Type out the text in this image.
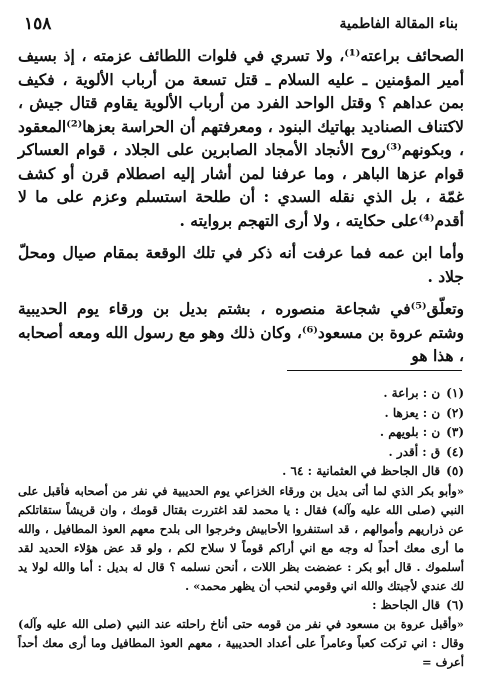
بناء المقالة الفاطمية
١٥٨

الصحائف براعته⁽¹⁾، ولا تسري في فلوات اللطائف عزمته ، إذ بسيف أمير المؤمنين ـ عليه السلام ـ قتل تسعة من أرباب الألوية ، فكيف بمن عداهم ؟ وقتل الواحد الفرد من أرباب الألوية يقاوم قتال جيش ، لاكتناف الصناديد بهاتيك البنود ، ومعرفتهم أن الحراسة بعزها⁽²⁾المعقود ، وبكونهم⁽³⁾روح الأنجاد الأمجاد الصابرين على الجلاد ، قوام العساكر قوام عزها الباهر ، وما عرفنا لمن أشار إليه اصطلام قرن أو كشف غمّة ، بل الذي نقله السدي : أن طلحة استسلم وعزم على ما لا أقدم⁽⁴⁾على حكايته ، ولا أرى التهجم بروايته .

وأما ابن عمه فما عرفت أنه ذكر في تلك الوقعة بمقام صيال ومحلّ جلاد .

وتعلّق⁽⁵⁾في شجاعة منصوره ، بشتم بديل بن ورقاء يوم الحديبية وشتم عروة بن مسعود⁽⁶⁾، وكان ذلك وهو مع رسول الله ومعه أصحابه ، هذا هو

(١)ن : براعة .

(٢)ن : يعزها .

(٣)ن : بلويهم .

(٤)ق : أقدر .

(٥)قال الجاحظ في العثمانية : ٦٤ .

«وأبو بكر الذي لما أتى بديل بن ورقاء الخزاعي يوم الحديبية في نفر من أصحابه فأقبل على النبي (صلى الله عليه وآله) فقال : يا محمد لقد اغتررت بقتال قومك ، وان قريشاً ستقاتلكم عن ذراريهم وأموالهم ، قد استنفروا الأحابيش وخرجوا الى بلدح معهم العوذ المطافيل ، والله ما أرى معك أحداً له وجه مع اني أراكم قوماً لا سلاح لكم ، ولو قد عض هؤلاء الحديد لقد أسلموك . قال أبو بكر : عضضت بظر اللات ، أنحن نسلمه ؟ قال له بديل : أما والله لولا يد لك عندي لأجبتك والله اني وقومي لنحب أن يظهر محمد» .

(٦)قال الجاحظ :

«وأقبل عروة بن مسعود في نفر من قومه حتى أناخ راحلته عند النبي (صلى الله عليه وآله) وقال : اني تركت كعباً وعامراً على أعداد الحديبية ، معهم العوذ المطافيل وما أرى معك أحداً أعرف =
